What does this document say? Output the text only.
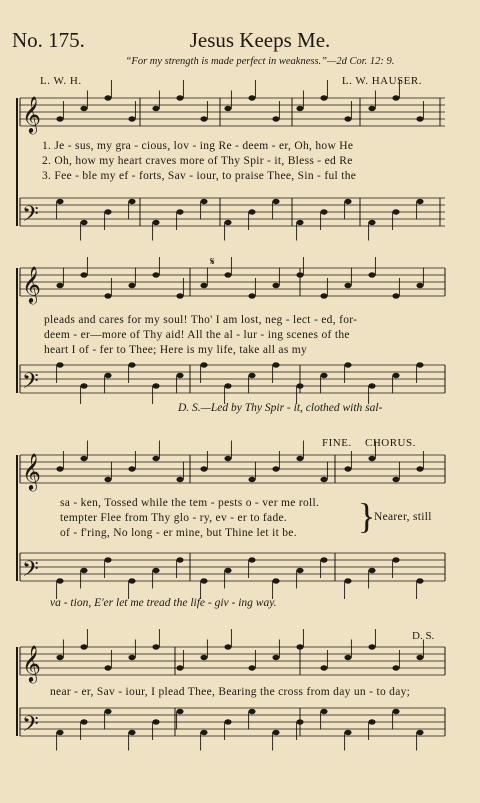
No. 175.	Jesus Keeps Me.
“For my strength is made perfect in weakness.”—2d Cor. 12: 9.
L. W. H.	L. W. HAUSER.
𝄞
𝄢
𝄞
𝄢
𝄞
𝄢
𝄞
𝄢
1. Je - sus, my gra - cious, lov - ing Re - deem - er, Oh, how He
2. Oh, how my heart craves more of Thy Spir - it, Bless - ed Re
3. Fee - ble my ef - forts, Sav - iour, to praise Thee, Sin - ful the
𝄋
pleads and cares for my soul! Tho' I am lost, neg - lect - ed, for-
deem - er—more of Thy aid! All the al - lur - ing scenes of the
heart I of - fer to Thee; Here is my life, take all as my
D. S.—Led by Thy Spir - it, clothed with sal-
FINE. CHORUS.
sa - ken, Tossed while the tem - pests o - ver me roll.
tempter Flee from Thy glo - ry, ev - er to fade.
of - f'ring, No long - er mine, but Thine let it be. }
Nearer, still
va - tion, E'er let me tread the life - giv - ing way.
D. S.
near - er, Sav - iour, I plead Thee, Bearing the cross from day un - to day;
